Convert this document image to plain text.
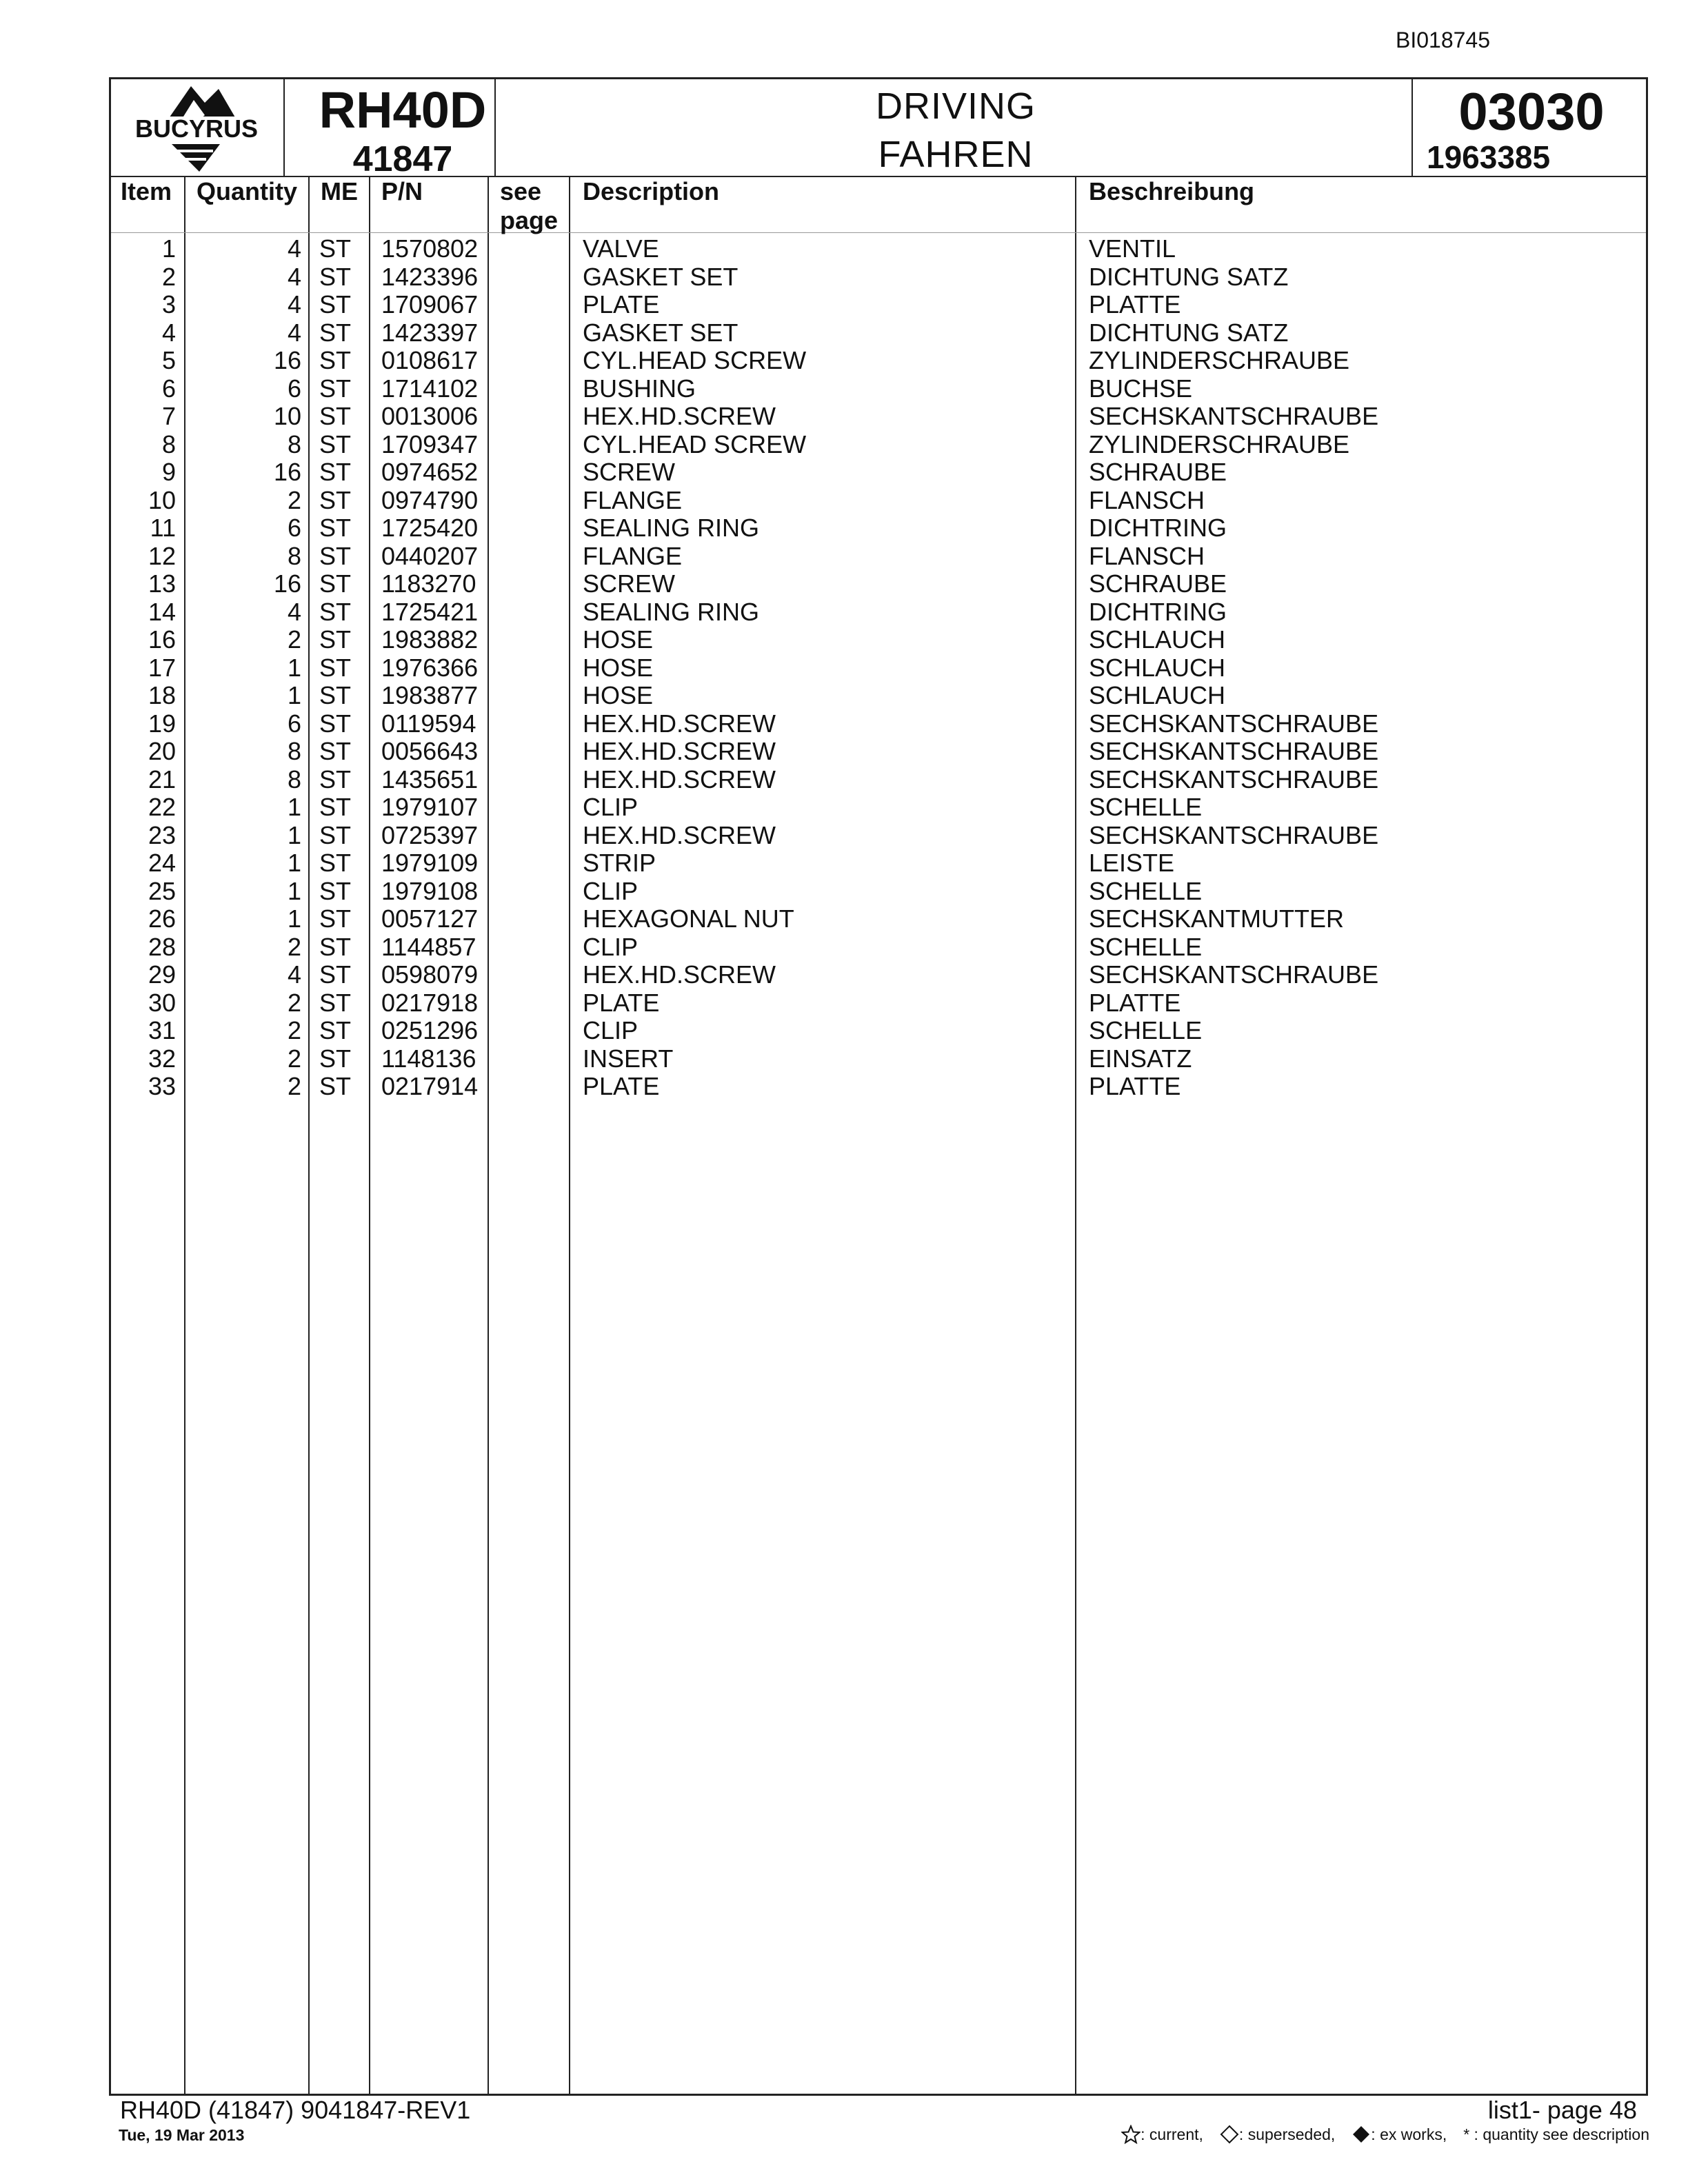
BI018745
BUCYRUS RH40D
41847
DRIVING
FAHREN
03030
1963385
Item Quantity ME P/N	see
page
Description	Beschreibung
1	4 ST 1570802	VALVE	VENTIL
2	4 ST 1423396	GASKET SET	DICHTUNG SATZ
3	4 ST 1709067	PLATE	PLATTE
4	4 ST 1423397	GASKET SET	DICHTUNG SATZ
5	16 ST 0108617	CYL.HEAD SCREW	ZYLINDERSCHRAUBE
6	6 ST 1714102	BUSHING	BUCHSE
7	10 ST 0013006	HEX.HD.SCREW	SECHSKANTSCHRAUBE
8	8 ST 1709347	CYL.HEAD SCREW	ZYLINDERSCHRAUBE
9	16 ST 0974652	SCREW	SCHRAUBE
10	2 ST 0974790	FLANGE	FLANSCH
11	6 ST 1725420	SEALING RING	DICHTRING
12	8 ST 0440207	FLANGE	FLANSCH
13	16 ST 1183270	SCREW	SCHRAUBE
14	4 ST 1725421	SEALING RING	DICHTRING
16	2 ST 1983882	HOSE	SCHLAUCH
17	1 ST 1976366	HOSE	SCHLAUCH
18	1 ST 1983877	HOSE	SCHLAUCH
19	6 ST 0119594	HEX.HD.SCREW	SECHSKANTSCHRAUBE
20	8 ST 0056643	HEX.HD.SCREW	SECHSKANTSCHRAUBE
21	8 ST 1435651	HEX.HD.SCREW	SECHSKANTSCHRAUBE
22	1 ST 1979107	CLIP	SCHELLE
23	1 ST 0725397	HEX.HD.SCREW	SECHSKANTSCHRAUBE
24	1 ST 1979109	STRIP	LEISTE
25	1 ST 1979108	CLIP	SCHELLE
26	1 ST 0057127	HEXAGONAL NUT	SECHSKANTMUTTER
28	2 ST 1144857	CLIP	SCHELLE
29	4 ST 0598079	HEX.HD.SCREW	SECHSKANTSCHRAUBE
30	2 ST 0217918	PLATE	PLATTE
31	2 ST 0251296	CLIP	SCHELLE
32	2 ST 1148136	INSERT	EINSATZ
33	2 ST 0217914	PLATE	PLATTE
RH40D (41847) 9041847-REV1
Tue, 19 Mar 2013
list1- page 48
: current, : superseded, : ex works, * : quantity see description
